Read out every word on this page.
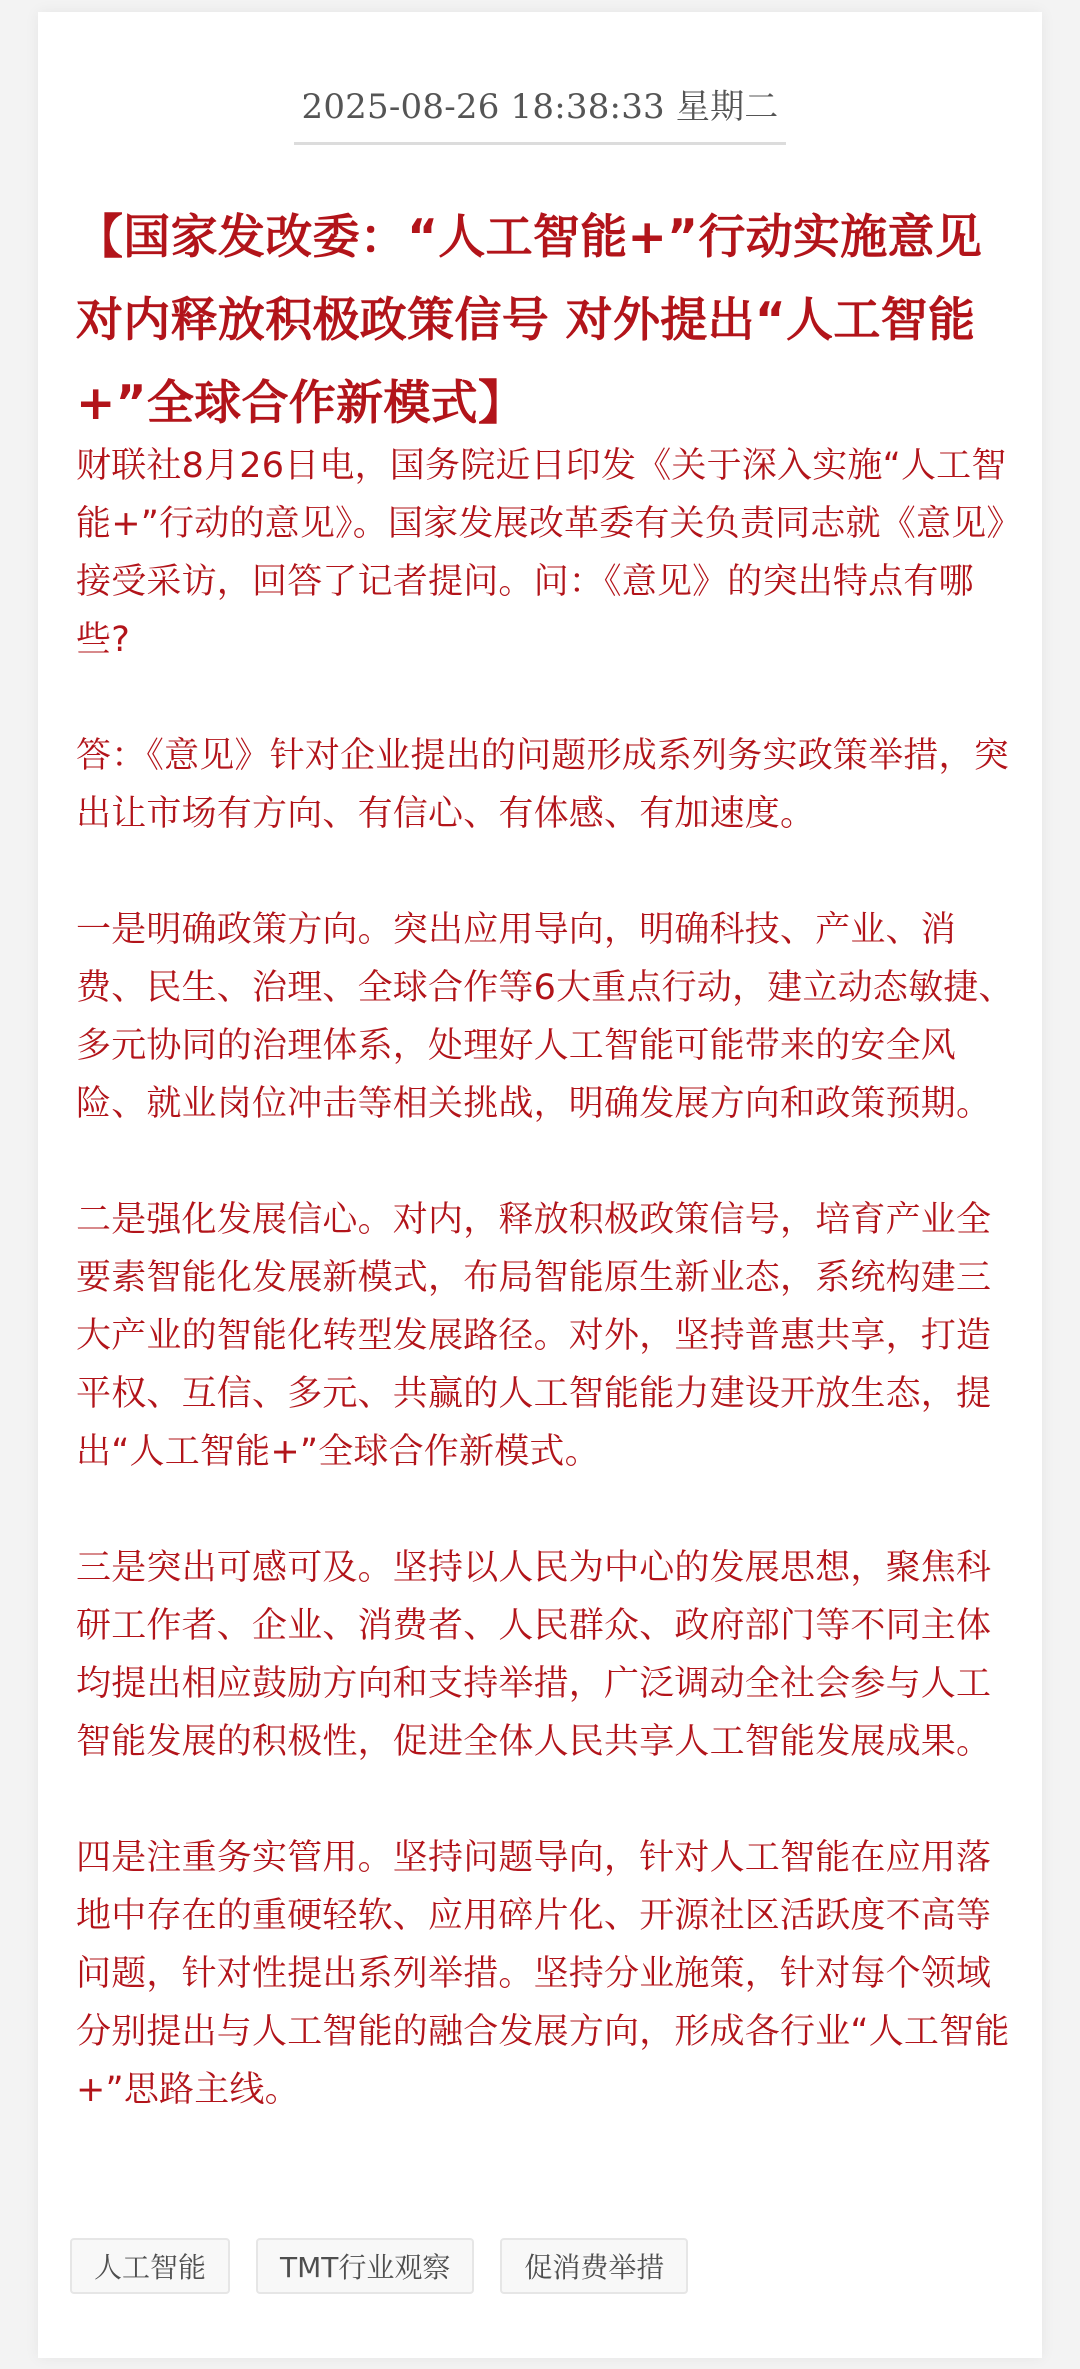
2025-08-26 18:38:33 星期二
【国家发改委：“人工智能+”行动实施意见对内释放积极政策信号 对外提出“人工智能+”全球合作新模式】

财联社8月26日电，国务院近日印发《关于深入实施“人工智能+”行动的意见》。国家发展改革委有关负责同志就《意见》接受采访，回答了记者提问。问：《意见》的突出特点有哪些?

答：《意见》针对企业提出的问题形成系列务实政策举措，突出让市场有方向、有信心、有体感、有加速度。

一是明确政策方向。突出应用导向，明确科技、产业、消费、民生、治理、全球合作等6大重点行动，建立动态敏捷、多元协同的治理体系，处理好人工智能可能带来的安全风险、就业岗位冲击等相关挑战，明确发展方向和政策预期。

二是强化发展信心。对内，释放积极政策信号，培育产业全要素智能化发展新模式，布局智能原生新业态，系统构建三大产业的智能化转型发展路径。对外，坚持普惠共享，打造平权、互信、多元、共赢的人工智能能力建设开放生态，提出“人工智能+”全球合作新模式。

三是突出可感可及。坚持以人民为中心的发展思想，聚焦科研工作者、企业、消费者、人民群众、政府部门等不同主体均提出相应鼓励方向和支持举措，广泛调动全社会参与人工智能发展的积极性，促进全体人民共享人工智能发展成果。

四是注重务实管用。坚持问题导向，针对人工智能在应用落地中存在的重硬轻软、应用碎片化、开源社区活跃度不高等问题，针对性提出系列举措。坚持分业施策，针对每个领域分别提出与人工智能的融合发展方向，形成各行业“人工智能+”思路主线。

人工智能	TMT行业观察	促消费举措
